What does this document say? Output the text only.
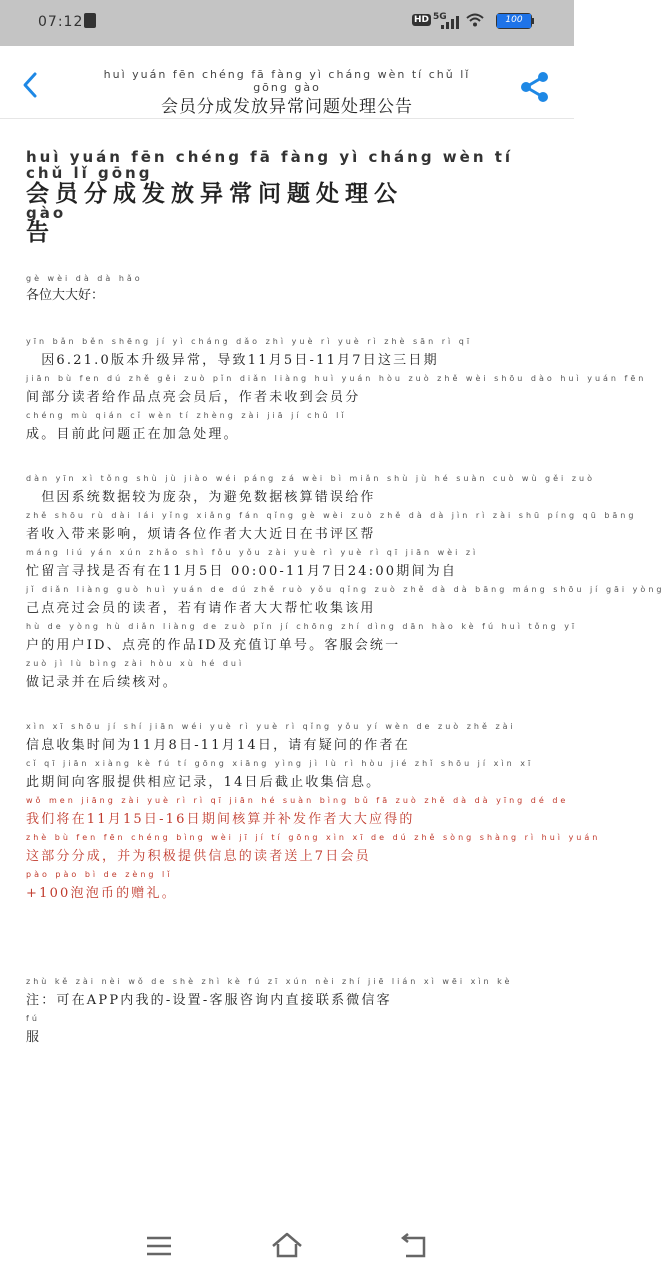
07:12	HD 5G	100
huì yuán fēn chéng fā fàng yì cháng wèn tí chǔ lǐ gōng gào
会员分成发放异常问题处理公告
huì yuán fēn chéng fā fàng yì cháng wèn tí chǔ lǐ gōng
会员分成发放异常问题处理公
gào
告
gè wèi dà dà hǎo
各位大大好：
yīn bǎn běn shēng jí yì cháng dǎo zhì yuè rì yuè rì zhè sān rì qī
　因6.21.0版本升级异常，导致11月5日-11月7日这三日期
jiān bù fen dú zhě gěi zuò pǐn diǎn liàng huì yuán hòu zuò zhě wèi shōu dào huì yuán fēn
间部分读者给作品点亮会员后，作者未收到会员分
chéng mù qián cǐ wèn tí zhèng zài jiā jí chǔ lǐ
成。目前此问题正在加急处理。
dàn yīn xì tǒng shù jù jiào wéi páng zá wèi bì miǎn shù jù hé suàn cuò wù gěi zuò
　但因系统数据较为庞杂，为避免数据核算错误给作
zhě shōu rù dài lái yǐng xiǎng fán qǐng gè wèi zuò zhě dà dà jìn rì zài shū píng qū bāng
者收入带来影响，烦请各位作者大大近日在书评区帮
máng liú yán xún zhǎo shì fǒu yǒu zài yuè rì yuè rì qī jiān wèi zì
忙留言寻找是否有在11月5日 00:00-11月7日24:00期间为自
jǐ diǎn liàng guò huì yuán de dú zhě ruò yǒu qǐng zuò zhě dà dà bāng máng shōu jí gāi yòng
己点亮过会员的读者，若有请作者大大帮忙收集该用
hù de yòng hù diǎn liàng de zuò pǐn jí chōng zhí dìng dān hào kè fú huì tǒng yī
户的用户ID、点亮的作品ID及充值订单号。客服会统一
zuò jì lù bìng zài hòu xù hé duì
做记录并在后续核对。
xìn xī shōu jí shí jiān wéi yuè rì yuè rì qǐng yǒu yí wèn de zuò zhě zài
信息收集时间为11月8日-11月14日，请有疑问的作者在
cǐ qī jiān xiàng kè fú tí gōng xiāng yìng jì lù rì hòu jié zhǐ shōu jí xìn xī
此期间向客服提供相应记录，14日后截止收集信息。
wǒ men jiāng zài yuè rì rì qī jiān hé suàn bìng bǔ fā zuò zhě dà dà yīng dé de
我们将在11月15日-16日期间核算并补发作者大大应得的
zhè bù fen fēn chéng bìng wèi jī jí tí gōng xìn xī de dú zhě sòng shàng rì huì yuán
这部分分成，并为积极提供信息的读者送上7日会员
pào pào bì de zèng lǐ
+100泡泡币的赠礼。
zhù kě zài nèi wǒ de shè zhì kè fú zī xún nèi zhí jiē lián xì wēi xìn kè
注：可在APP内我的-设置-客服咨询内直接联系微信客
fú
服
